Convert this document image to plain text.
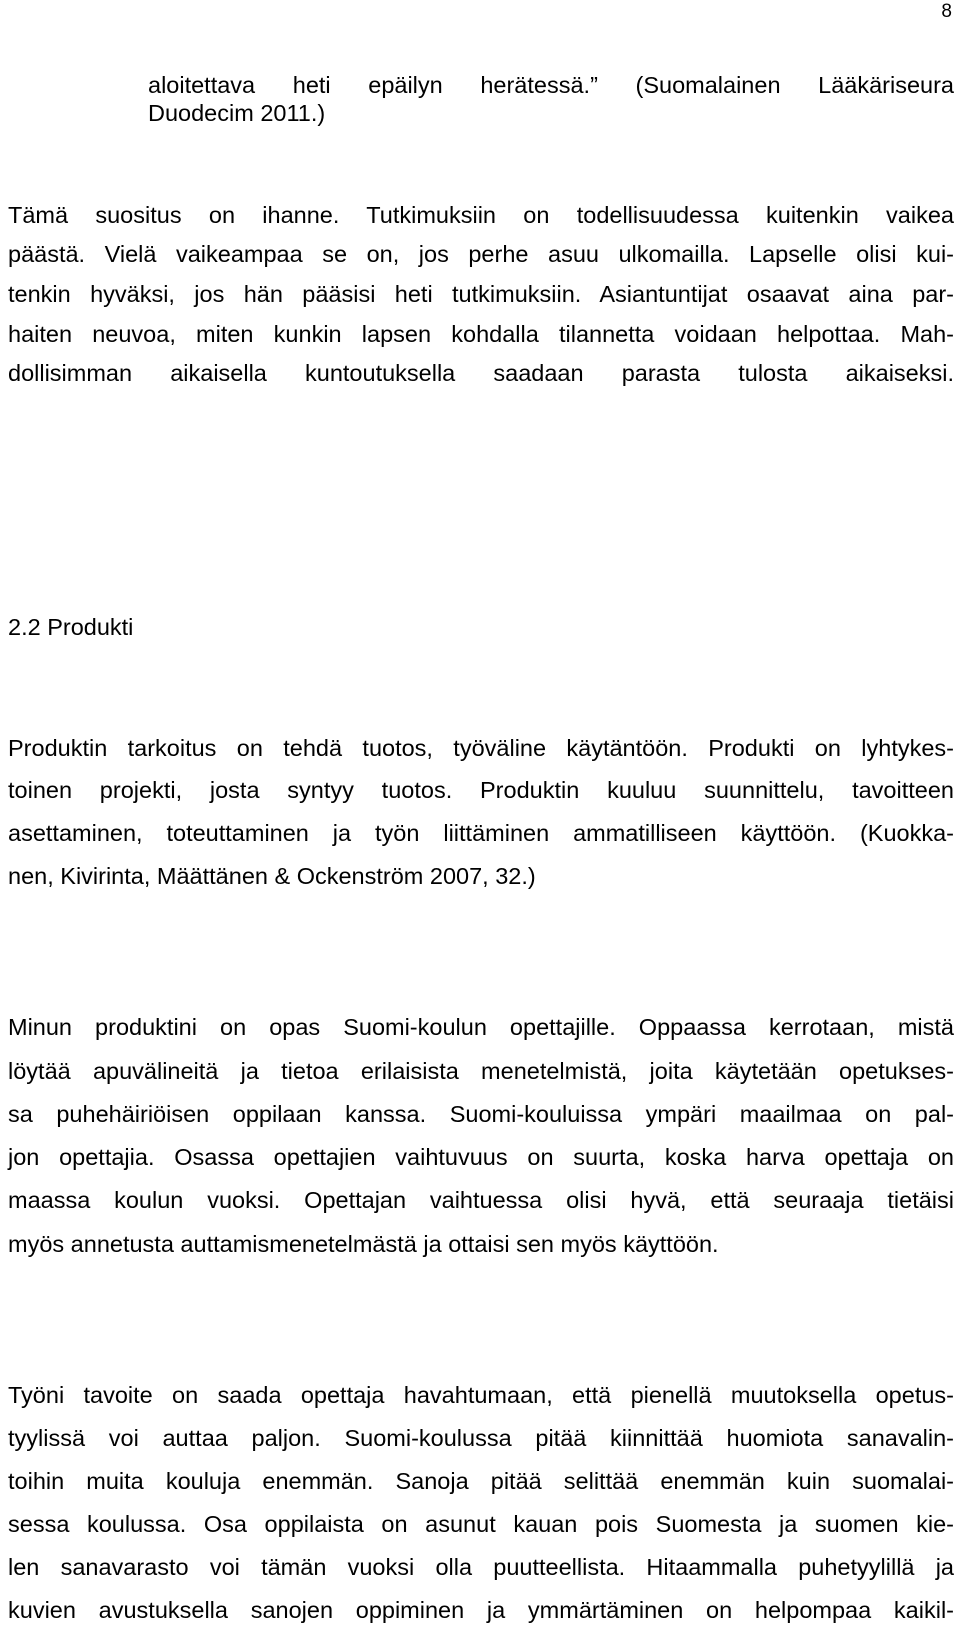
8
aloitettava heti epäilyn herätessä.” (Suomalainen Lääkäriseura
Duodecim 2011.)
Tämä suositus on ihanne. Tutkimuksiin on todellisuudessa kuitenkin vaikea
päästä. Vielä vaikeampaa se on, jos perhe asuu ulkomailla. Lapselle olisi kui-
tenkin hyväksi, jos hän pääsisi heti tutkimuksiin. Asiantuntijat osaavat aina par-
haiten neuvoa, miten kunkin lapsen kohdalla tilannetta voidaan helpottaa. Mah-
dollisimman aikaisella kuntoutuksella saadaan parasta tulosta aikaiseksi.
2.2 Produkti
Produktin tarkoitus on tehdä tuotos, työväline käytäntöön. Produkti on lyhtykes-
toinen projekti, josta syntyy tuotos. Produktin kuuluu suunnittelu, tavoitteen
asettaminen, toteuttaminen ja työn liittäminen ammatilliseen käyttöön. (Kuokka-
nen, Kivirinta, Määttänen & Ockenström 2007, 32.)
Minun produktini on opas Suomi-koulun opettajille. Oppaassa kerrotaan, mistä
löytää apuvälineitä ja tietoa erilaisista menetelmistä, joita käytetään opetukses-
sa puhehäiriöisen oppilaan kanssa. Suomi-kouluissa ympäri maailmaa on pal-
jon opettajia. Osassa opettajien vaihtuvuus on suurta, koska harva opettaja on
maassa koulun vuoksi. Opettajan vaihtuessa olisi hyvä, että seuraaja tietäisi
myös annetusta auttamismenetelmästä ja ottaisi sen myös käyttöön.
Työni tavoite on saada opettaja havahtumaan, että pienellä muutoksella opetus-
tyylissä voi auttaa paljon. Suomi-koulussa pitää kiinnittää huomiota sanavalin-
toihin muita kouluja enemmän. Sanoja pitää selittää enemmän kuin suomalai-
sessa koulussa. Osa oppilaista on asunut kauan pois Suomesta ja suomen kie-
len sanavarasto voi tämän vuoksi olla puutteellista. Hitaammalla puhetyylillä ja
kuvien avustuksella sanojen oppiminen ja ymmärtäminen on helpompaa kaikil-
